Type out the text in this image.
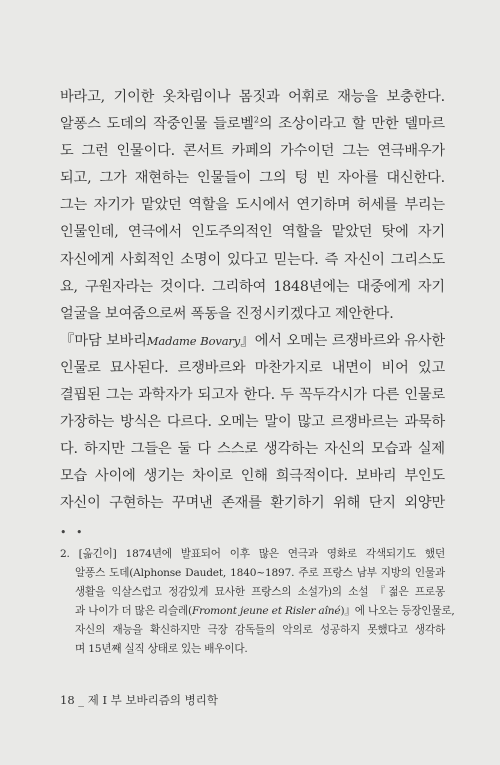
바라고, 기이한 옷차림이나 몸짓과 어휘로 재능을 보충한다.
알퐁스 도데의 작중인물 들로벨$^2$의 조상이라고 할 만한 델마르
도 그런 인물이다. 콘서트 카페의 가수이던 그는 연극배우가
되고, 그가 재현하는 인물들이 그의 텅 빈 자아를 대신한다.
그는 자기가 맡았던 역할을 도시에서 연기하며 허세를 부리는
인물인데, 연극에서 인도주의적인 역할을 맡았던 탓에 자기
자신에게 사회적인 소명이 있다고 믿는다. 즉 자신이 그리스도
요, 구원자라는 것이다. 그리하여 1848년에는 대중에게 자기
얼굴을 보여줌으로써 폭동을 진정시키겠다고 제안한다.
『마담 보바리Madame Bovary』에서 오메는 르쟁바르와 유사한
인물로 묘사된다. 르쟁바르와 마찬가지로 내면이 비어 있고
결핍된 그는 과학자가 되고자 한다. 두 꼭두각시가 다른 인물로
가장하는 방식은 다르다. 오메는 말이 많고 르쟁바르는 과묵하
다. 하지만 그들은 둘 다 스스로 생각하는 자신의 모습과 실제
모습 사이에 생기는 차이로 인해 희극적이다. 보바리 부인도
자신이 구현하는 꾸며낸 존재를 환기하기 위해 단지 외양만
• •
2. [옮긴이] 1874년에 발표되어 이후 많은 연극과 영화로 각색되기도 했던
알퐁스 도데(Alphonse Daudet, 1840~1897. 주로 프랑스 남부 지방의 인물과
생활을 익살스럽고 정감있게 묘사한 프랑스의 소설가)의 소설 『젊은 프로몽
과 나이가 더 많은 리슬레(Fromont jeune et Risler aîné)』에 나오는 등장인물로,
자신의 재능을 확신하지만 극장 감독들의 악의로 성공하지 못했다고 생각하
며 15년째 실직 상태로 있는 배우이다.
18 _ 제 I 부 보바리즘의 병리학
